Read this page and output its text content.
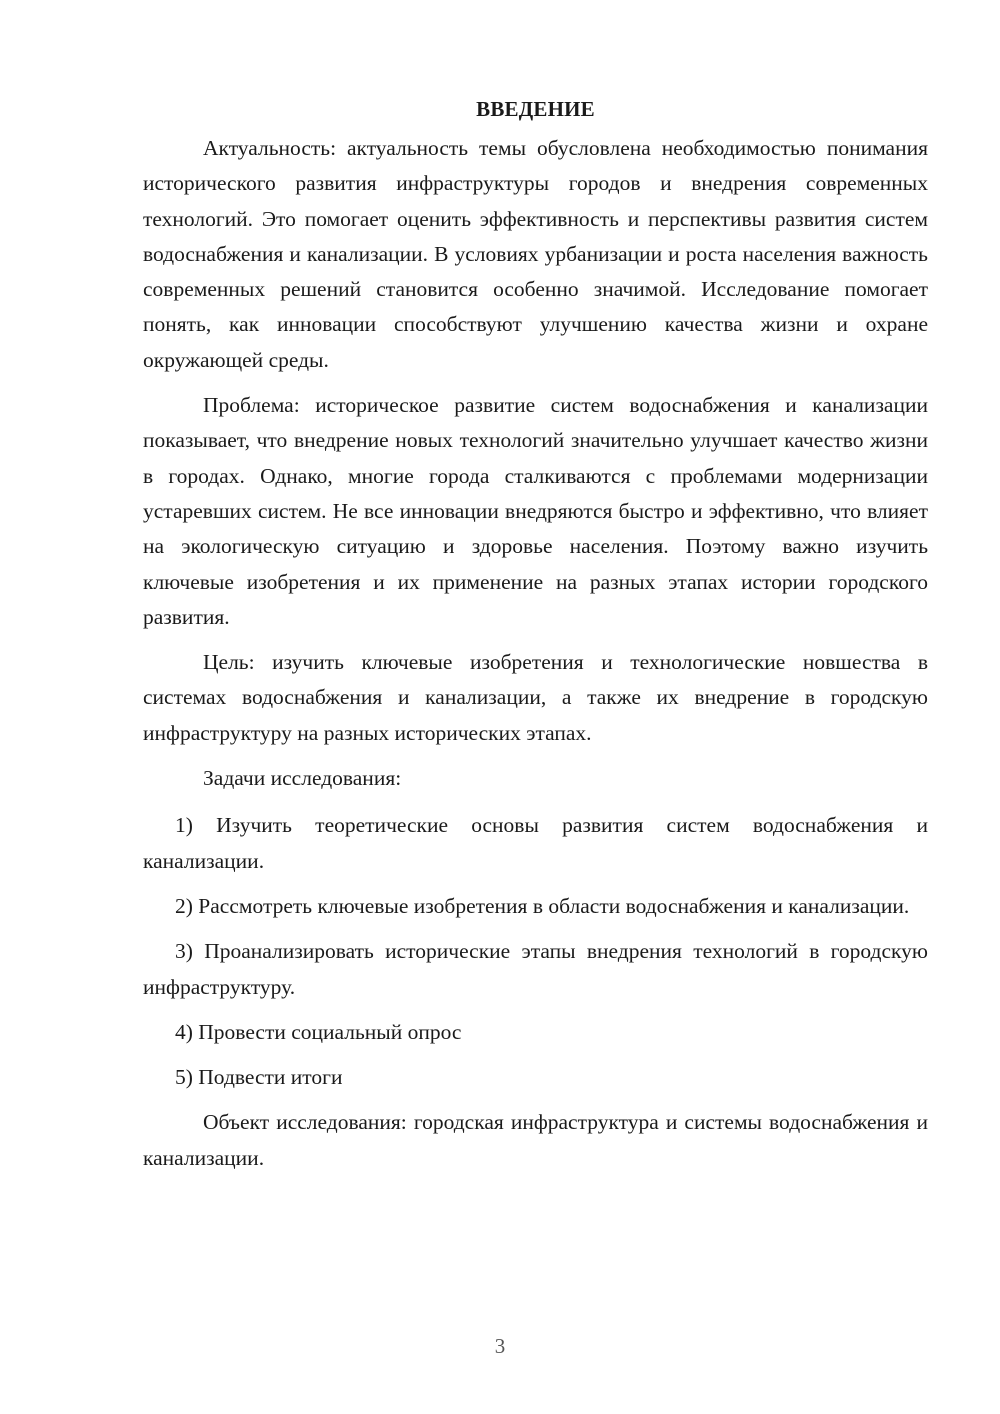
ВВЕДЕНИЕ

Актуальность: актуальность темы обусловлена необходимостью понимания исторического развития инфраструктуры городов и внедрения современных технологий. Это помогает оценить эффективность и перспективы развития систем водоснабжения и канализации. В условиях урбанизации и роста населения важность современных решений становится особенно значимой. Исследование помогает понять, как инновации способствуют улучшению качества жизни и охране окружающей среды.

Проблема: историческое развитие систем водоснабжения и канализации показывает, что внедрение новых технологий значительно улучшает качество жизни в городах. Однако, многие города сталкиваются с проблемами модернизации устаревших систем. Не все инновации внедряются быстро и эффективно, что влияет на экологическую ситуацию и здоровье населения. Поэтому важно изучить ключевые изобретения и их применение на разных этапах истории городского развития.

Цель: изучить ключевые изобретения и технологические новшества в системах водоснабжения и канализации, а также их внедрение в городскую инфраструктуру на разных исторических этапах.

Задачи исследования:

1) Изучить теоретические основы развития систем водоснабжения и канализации.

2) Рассмотреть ключевые изобретения в области водоснабжения и канализации.

3) Проанализировать исторические этапы внедрения технологий в городскую инфраструктуру.

4) Провести социальный опрос

5) Подвести итоги

Объект исследования: городская инфраструктура и системы водоснабжения и канализации.

3
